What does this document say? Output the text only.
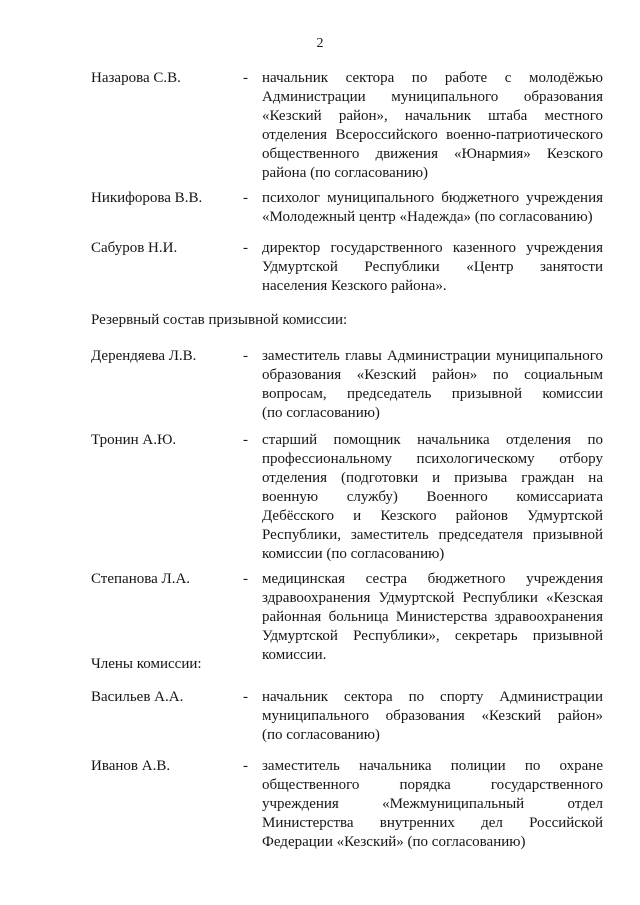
2
Назарова С.В.	- начальник сектора по работе с молодёжью
Администрации муниципального образования
«Кезский район», начальник штаба местного
отделения Всероссийского военно-патриотического
общественного движения «Юнармия» Кезского
района (по согласованию)
Никифорова В.В.	- психолог муниципального бюджетного учреждения
«Молодежный центр «Надежда» (по согласованию)
Сабуров Н.И.	- директор государственного казенного учреждения
Удмуртской Республики «Центр занятости
населения Кезского района».
Резервный состав призывной комиссии:
Дерендяева Л.В.	- заместитель главы Администрации муниципального
образования «Кезский район» по социальным
вопросам, председатель призывной комиссии
(по согласованию)
Тронин А.Ю.	- старший помощник начальника отделения по
профессиональному психологическому отбору
отделения (подготовки и призыва граждан на
военную службу) Военного комиссариата
Дебёсского и Кезского районов Удмуртской
Республики, заместитель председателя призывной
комиссии (по согласованию)
Степанова Л.А.	- медицинская сестра бюджетного учреждения
здравоохранения Удмуртской Республики «Кезская
районная больница Министерства здравоохранения
Удмуртской Республики», секретарь призывной
комиссии.
Члены комиссии:
Васильев А.А.	- начальник сектора по спорту Администрации
муниципального образования «Кезский район»
(по согласованию)
Иванов А.В.	- заместитель начальника полиции по охране
общественного порядка государственного
учреждения «Межмуниципальный отдел
Министерства внутренних дел Российской
Федерации «Кезский» (по согласованию)
